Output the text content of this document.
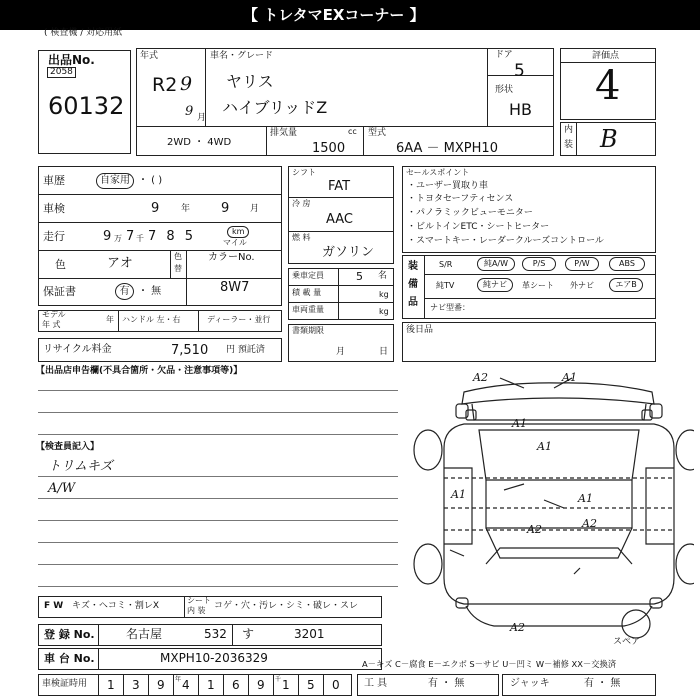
【 トレタマEXコーナー 】
( 検査機 / 対応用紙
出品No.
2058
60132
年式
R2 9
9 月
車名・グレード
ヤリス
ハイブリッドZ
ドア
5
形状
HB
2WD ・ 4WD
排気量	cc
1500
型式
6AA － MXPH10
評価点
4
内
装 B
車歴	自家用 ・ ( )
車検	9 年 9 月
走行	9 万 7 千 7 8 5	km
マイル
色	アオ	色
替
カラーNo.
8W7
保証書	有 ・ 無
モデル
年 式
年 ハンドル 左・右	ディーラー・並行
リサイクル料金	7,510 円 預託済
シフト
FAT
冷 房
AAC
燃 料
ガソリン
乗車定員	5 名
積 載 量	kg
車両重量	kg
書類期限
月	日
セールスポイント
・ユーザー買取り車
・トヨタセーフティセンス
・パノラミックビューモニター
・ビルトインETC・シートヒーター
・スマートキー・レーダークルーズコントロール
装
備
品
S/R	純A/W	P/S	P/W	ABS
純TV	純ナビ	革シート 外ナビ	エアB
ナビ型番：
後日品
【出品店申告欄(不具合箇所・欠品・注意事項等)】
【検査員記入】
トリムキズ
A/W
A2	A1
A1
A1	A1
A1
A2
A2
A2
スペア
F W キズ・ヘコミ・割レX
シート
内 装 コゲ・穴・汚レ・シミ・破レ・スレ
登 録 No.	名古屋	532 す	3201
車 台 No.	MXPH10-2036329	A－キズ C－腐食 E－エクボ S－サビ U－凹ミ W－補修 XX－交換済
車検証時用 1 3 9 4 1 6 9 1 5 0
年	千	工 具	有 ・ 無	ジャッキ	有 ・ 無
